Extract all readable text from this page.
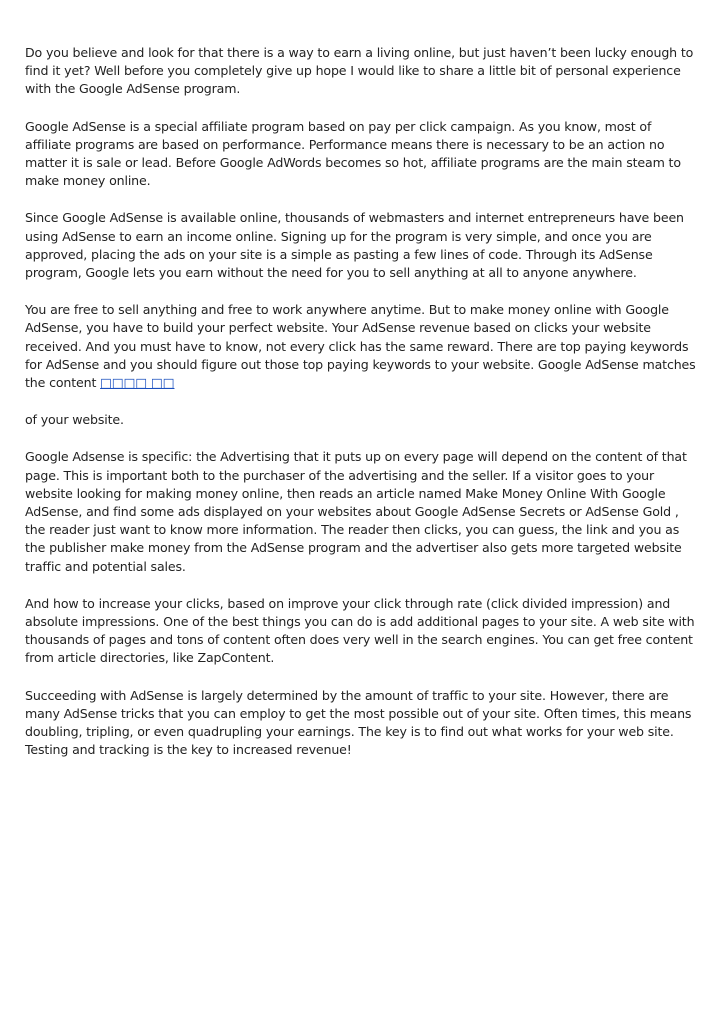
Do you believe and look for that there is a way to earn a living online, but just haven’t been lucky enough to find it yet? Well before you completely give up hope I would like to share a little bit of personal experience with the Google AdSense program.

Google AdSense is a special affiliate program based on pay per click campaign. As you know, most of affiliate programs are based on performance. Performance means there is necessary to be an action no matter it is sale or lead. Before Google AdWords becomes so hot, affiliate programs are the main steam to make money online.

Since Google AdSense is available online, thousands of webmasters and internet entrepreneurs have been using AdSense to earn an income online. Signing up for the program is very simple, and once you are approved, placing the ads on your site is a simple as pasting a few lines of code. Through its AdSense program, Google lets you earn without the need for you to sell anything at all to anyone anywhere.

You are free to sell anything and free to work anywhere anytime. But to make money online with Google AdSense, you have to build your perfect website. Your AdSense revenue based on clicks your website received. And you must have to know, not every click has the same reward. There are top paying keywords for AdSense and you should figure out those top paying keywords to your website. Google AdSense matches the content □□□□ □□

of your website.

Google Adsense is specific: the Advertising that it puts up on every page will depend on the content of that page. This is important both to the purchaser of the advertising and the seller. If a visitor goes to your website looking for making money online, then reads an article named Make Money Online With Google AdSense, and find some ads displayed on your websites about Google AdSense Secrets or AdSense Gold , the reader just want to know more information. The reader then clicks, you can guess, the link and you as the publisher make money from the AdSense program and the advertiser also gets more targeted website traffic and potential sales.

And how to increase your clicks, based on improve your click through rate (click divided impression) and absolute impressions. One of the best things you can do is add additional pages to your site. A web site with thousands of pages and tons of content often does very well in the search engines. You can get free content from article directories, like ZapContent.

Succeeding with AdSense is largely determined by the amount of traffic to your site. However, there are many AdSense tricks that you can employ to get the most possible out of your site. Often times, this means doubling, tripling, or even quadrupling your earnings. The key is to find out what works for your web site. Testing and tracking is the key to increased revenue!
